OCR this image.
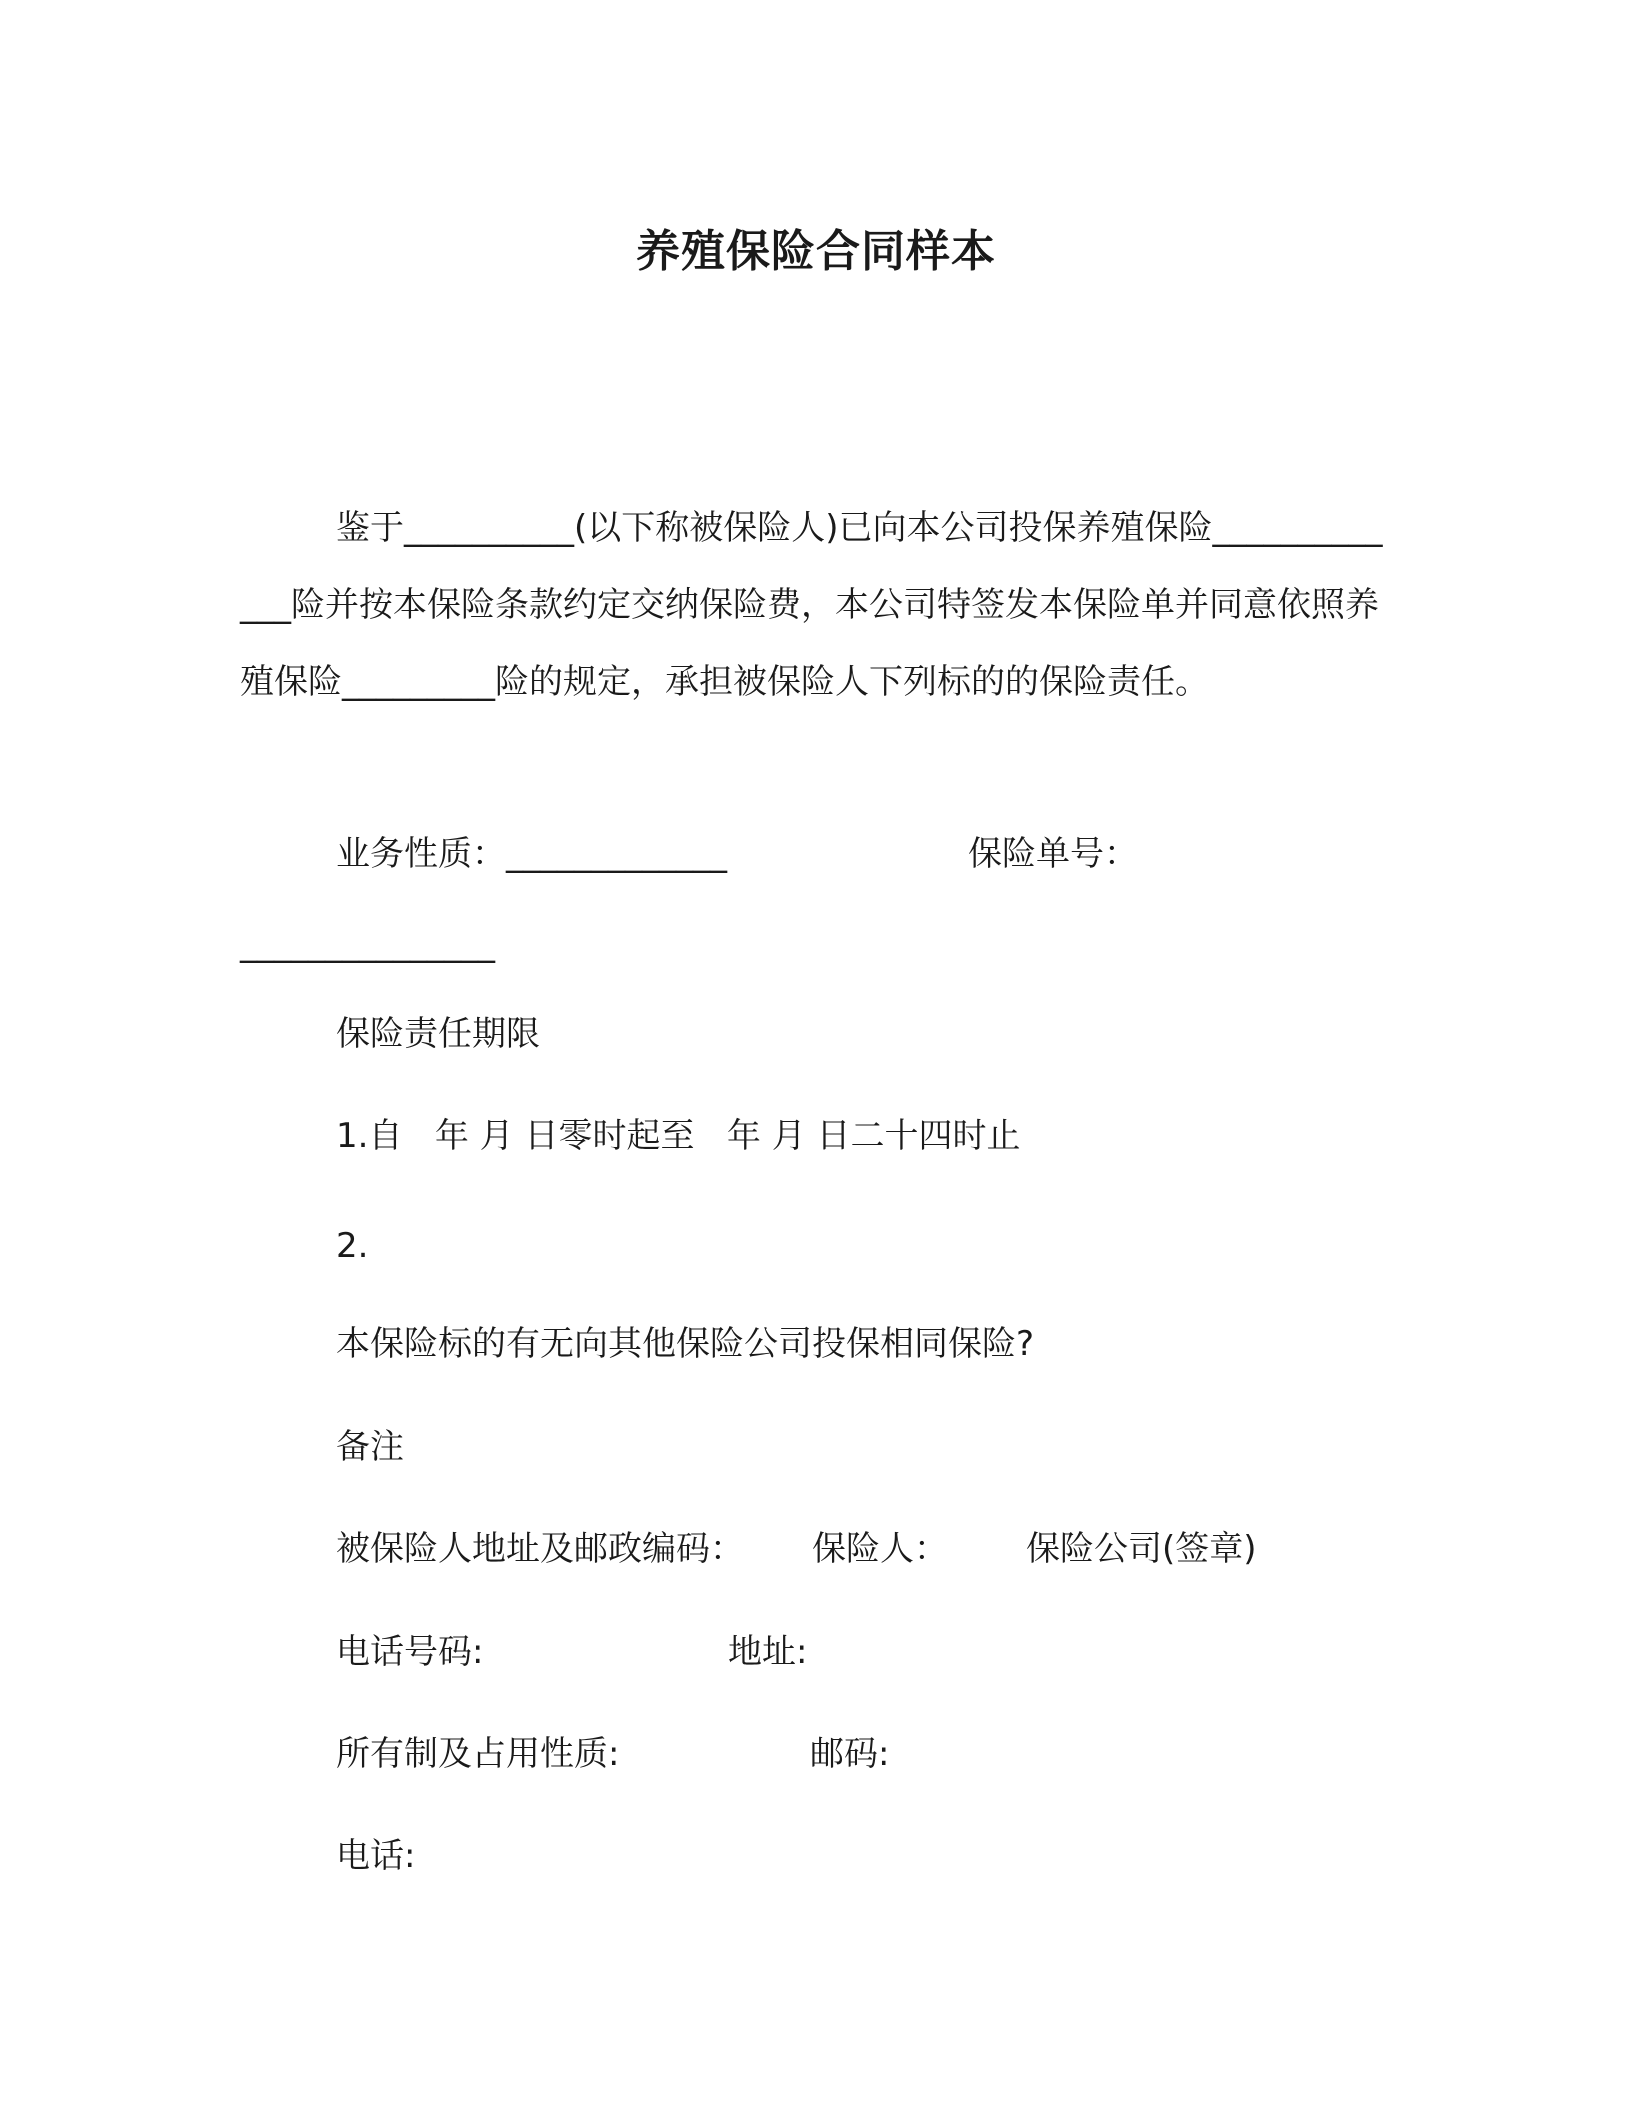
养殖保险合同样本

鉴于__________(以下称被保险人)已向本公司投保养殖保险_____________险并按本保险条款约定交纳保险费，本公司特签发本保险单并同意依照养殖保险_________险的规定，承担被保险人下列标的的保险责任。

业务性质：_____________	保险单号：
_______________
保险责任期限
1.自   年 月 日零时起至   年 月 日二十四时止
2.
本保险标的有无向其他保险公司投保相同保险?
备注
被保险人地址及邮政编码： 保险人： 保险公司(签章)
电话号码:	地址:
所有制及占用性质:	邮码:
电话:
